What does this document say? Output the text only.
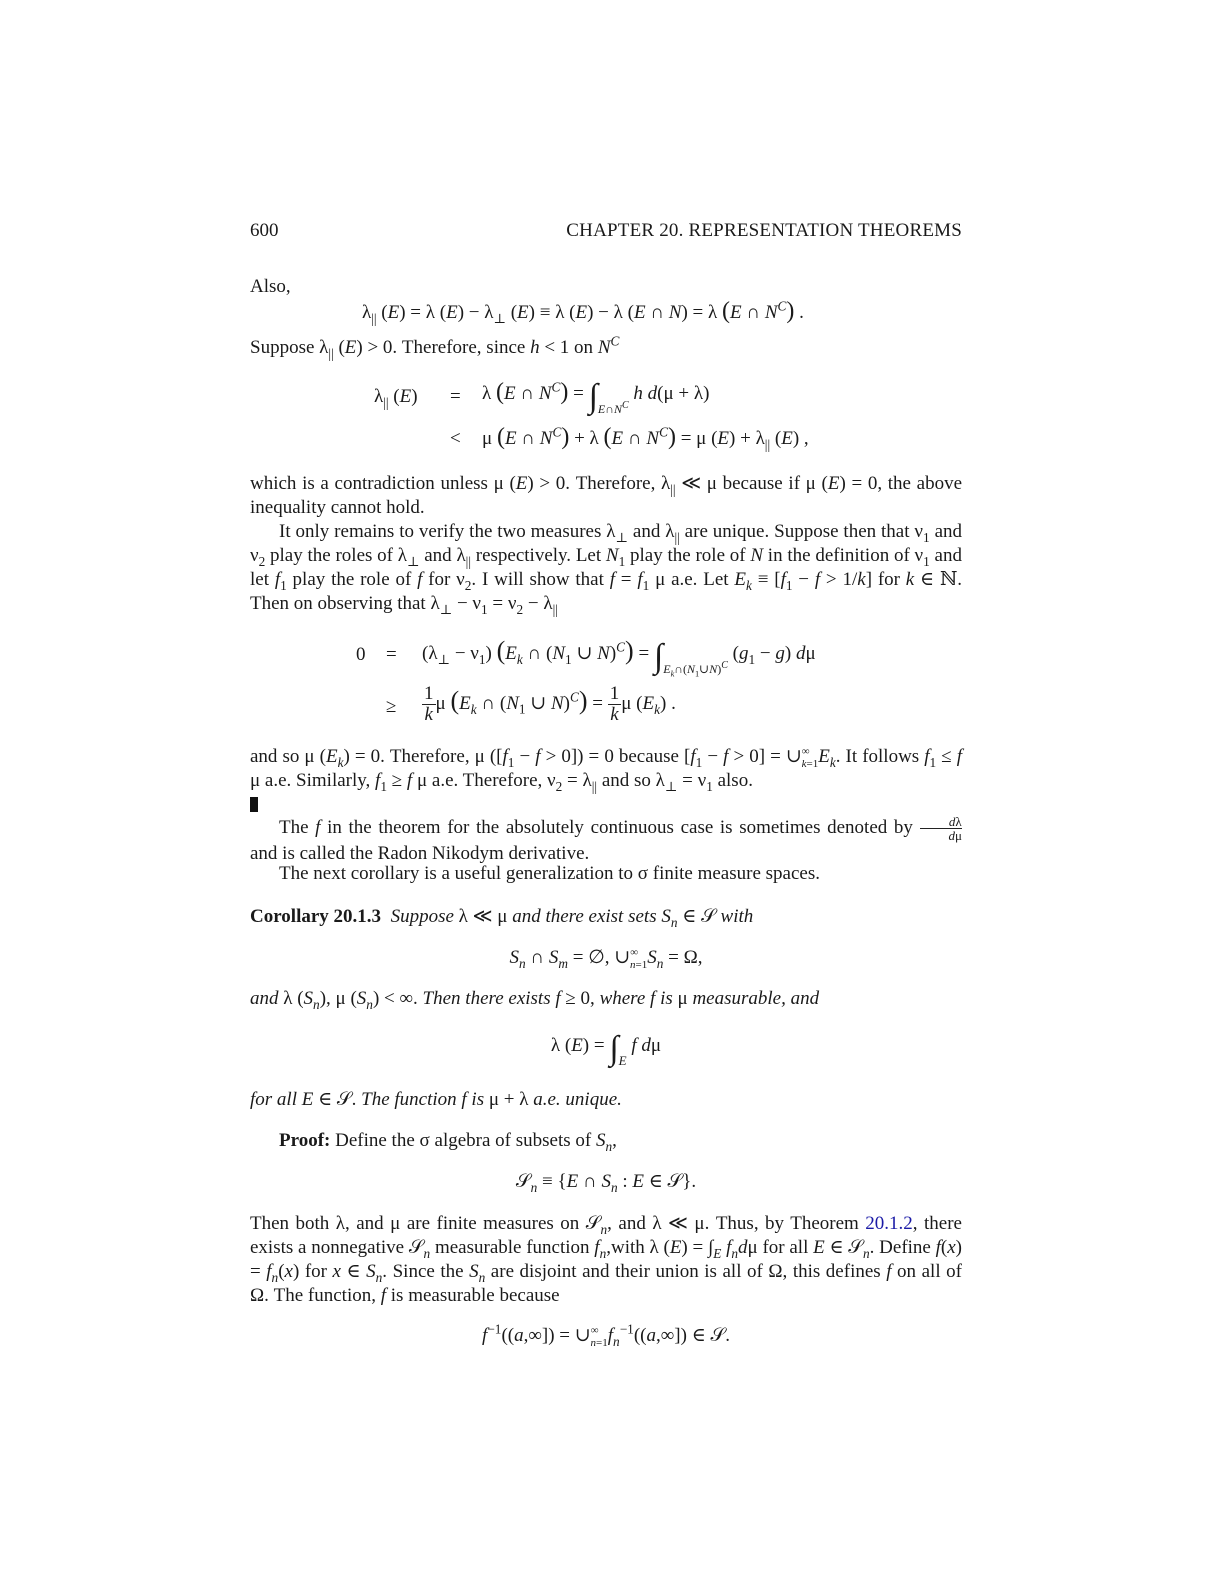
600	CHAPTER 20. REPRESENTATION THEOREMS
Also,
$\lambda_{||}$ (E) = λ $(E) - \lambda_\perp$ (E) ≡ λ (E) − λ (E ∩ N) = λ (E ∩ $N^C$) .
Suppose $\lambda_{||}$ (E) > 0. Therefore, since h < 1 on $N^C$
$\lambda_{||}$ (E) = λ (E ∩ $N^C) = \int_{E\cap N^C}$ h d(μ + λ)
< μ (E ∩ $N^C) + \lambda$ (E ∩ $N^C) = \mu$ $(E) + \lambda_{||}$ (E) ,
which is a contradiction unless μ (E) > 0. Therefore, $\lambda_{||}$ ≪ μ because if μ (E) = 0, the above inequality cannot hold.
It only remains to verify the two measures $\lambda_\perp$ and $\lambda_{||}$ are unique. Suppose then that $\nu_1$ and $\nu_2$ play the roles of $\lambda_\perp$ and $\lambda_{||}$ respectively. Let $N_1$ play the role of N in the definition of $\nu_1$ and let $f_1$ play the role of f for $\nu_2$. I will show that $f = f_1$ μ a.e. Let $E_k \equiv [f_1 - f > 1/k]$ for k ∈ ℕ. Then on observing that $\lambda_\perp - \nu_1 = \nu_2 - \lambda_{||}$
$0 = (\lambda_\perp - \nu_1)$ ($E_k$ ∩ ($N_1$ ∪ $N)^C) = \int_{E_k\cap(N_1\cup N)^C}$ $(g_1 - g)$ dμ
≥ $\frac{1}{k}$ μ ($E_k$ ∩ ($N_1$ ∪ $N)^C) = \frac{1}{k}$ μ $(E_k)$ .
and so μ $(E_k) = 0$. Therefore, μ $([f_1 - f > 0]) = 0$ because $[f_1 - f > 0]$ = $\cup^\infty_{k=1}E_k$. It follows $f_1 \le f$ μ a.e. Similarly, $f_1 \ge f$ μ a.e. Therefore, $\nu_2 = \lambda_{||}$ and so $\lambda_\perp = \nu_1$ also.

The f in the theorem for the absolutely continuous case is sometimes denoted by $\frac{d\lambda}{d\mu}$
and is called the Radon Nikodym derivative.
The next corollary is a useful generalization to σ finite measure spaces.
Corollary 20.1.3 Suppose λ ≪ μ and there exist sets $S_n$ ∈ 𝒮 with
$S_n$ ∩ $S_m$ = ∅, $\cup^\infty_{n=1}S_n = \Omega$,
and λ $(S_n)$, μ $(S_n)$ < ∞. Then there exists f ≥ 0, where f is μ measurable, and
λ $(E) = \int_E$ f dμ
for all E ∈ 𝒮. The function f is μ + λ a.e. unique.
Proof: Define the σ algebra of subsets of $S_n$,
𝒮$_n$ ≡ {E ∩ $S_n$ : E ∈ 𝒮}.
Then both λ, and μ are finite measures on 𝒮$_n$, and λ ≪ μ. Thus, by Theorem 20.1.2, there exists a nonnegative 𝒮$_n$ measurable function $f_n,with$ λ $(E) = \int_E$ $f_nd\mu$ for all E ∈ 𝒮$_n$. Define $f(x) = f_n(x)$ for x ∈ $S_n$. Since the $S_n$ are disjoint and their union is all of Ω, this defines f on all of Ω. The function, f is measurable because
$f^{-1}((a,\infty])$ = $\cup^\infty_{n=1}f_n^{-1}((a,\infty])$ ∈ 𝒮.
